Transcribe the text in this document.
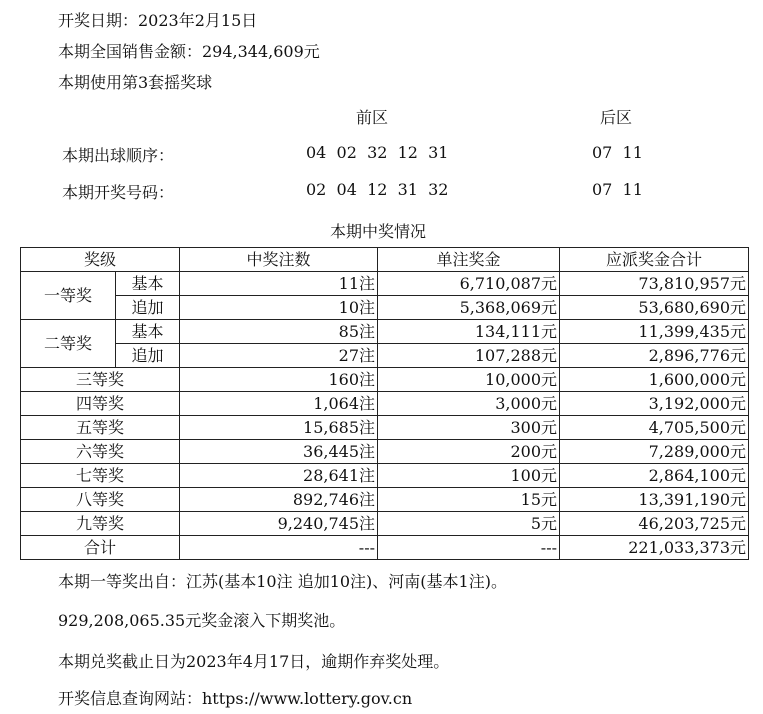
开奖日期：2023年2月15日
本期全国销售金额：294,344,609元
本期使用第3套摇奖球
前区	后区
本期出球顺序：	04  02  32  12  31	07  11
本期开奖号码：	02  04  12  31  32	07  11
本期中奖情况
奖级		中奖注数	单注奖金	应派奖金合计
一等奖	基本	11注	6,710,087元	73,810,957元
	追加	10注	5,368,069元	53,680,690元
二等奖	基本	85注	134,111元	11,399,435元
	追加	27注	107,288元	2,896,776元
三等奖		160注	10,000元	1,600,000元
四等奖		1,064注	3,000元	3,192,000元
五等奖		15,685注	300元	4,705,500元
六等奖		36,445注	200元	7,289,000元
七等奖		28,641注	100元	2,864,100元
八等奖		892,746注	15元	13,391,190元
九等奖		9,240,745注	5元	46,203,725元
合计		---	---	221,033,373元
本期一等奖出自：江苏(基本10注 追加10注)、河南(基本1注)。
929,208,065.35元奖金滚入下期奖池。
本期兑奖截止日为2023年4月17日，逾期作弃奖处理。
开奖信息查询网站：https://www.lottery.gov.cn
